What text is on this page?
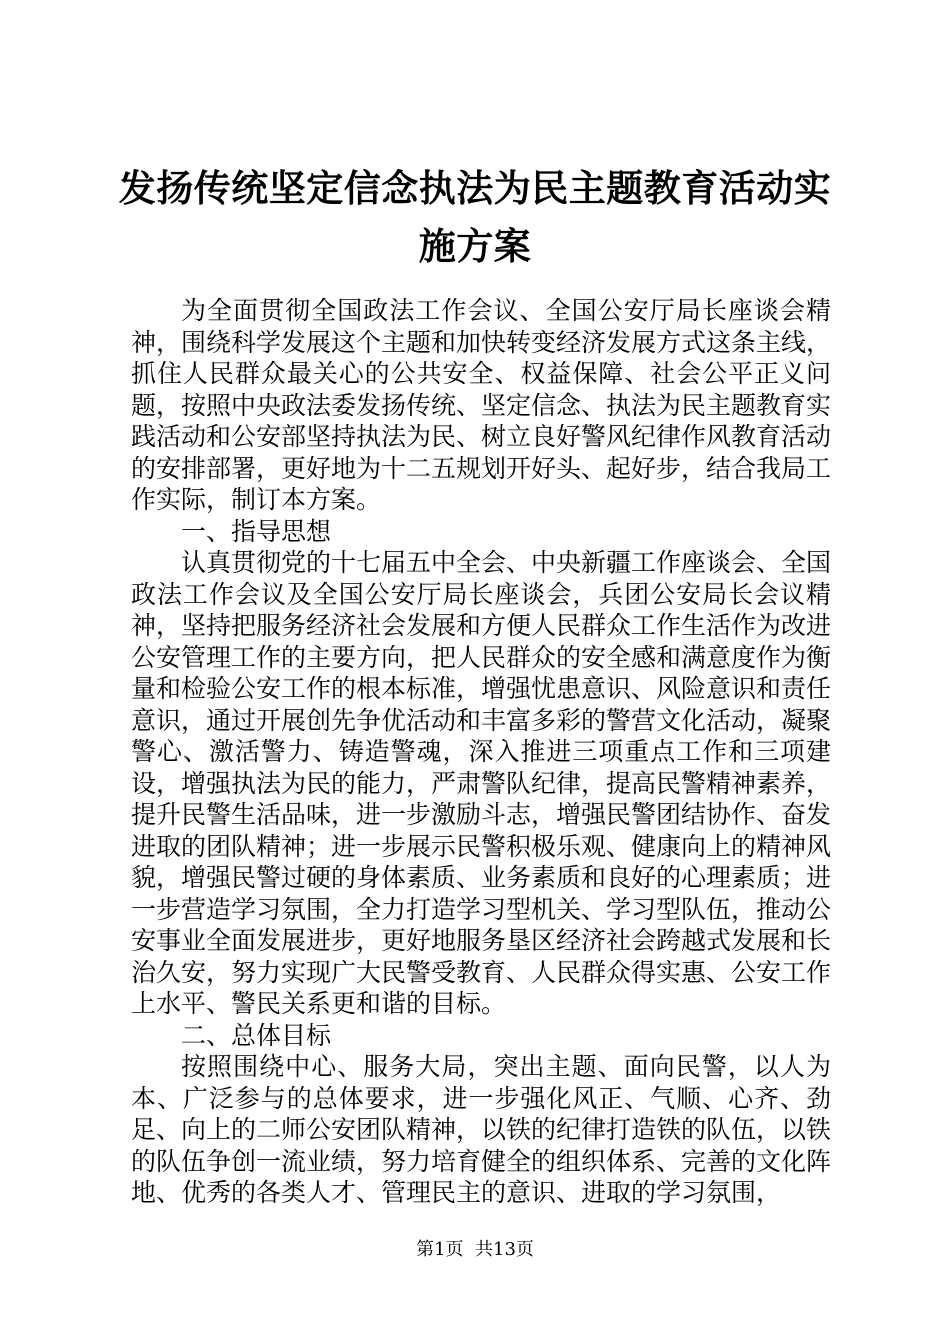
发扬传统坚定信念执法为民主题教育活动实施方案

为全面贯彻全国政法工作会议、全国公安厅局长座谈会精神，围绕科学发展这个主题和加快转变经济发展方式这条主线，抓住人民群众最关心的公共安全、权益保障、社会公平正义问题，按照中央政法委发扬传统、坚定信念、执法为民主题教育实践活动和公安部坚持执法为民、树立良好警风纪律作风教育活动的安排部署，更好地为十二五规划开好头、起好步，结合我局工作实际，制订本方案。

一、指导思想

认真贯彻党的十七届五中全会、中央新疆工作座谈会、全国政法工作会议及全国公安厅局长座谈会，兵团公安局长会议精神，坚持把服务经济社会发展和方便人民群众工作生活作为改进公安管理工作的主要方向，把人民群众的安全感和满意度作为衡量和检验公安工作的根本标准，增强忧患意识、风险意识和责任意识，通过开展创先争优活动和丰富多彩的警营文化活动，凝聚警心、激活警力、铸造警魂，深入推进三项重点工作和三项建设，增强执法为民的能力，严肃警队纪律，提高民警精神素养，提升民警生活品味，进一步激励斗志，增强民警团结协作、奋发进取的团队精神；进一步展示民警积极乐观、健康向上的精神风貌，增强民警过硬的身体素质、业务素质和良好的心理素质；进一步营造学习氛围，全力打造学习型机关、学习型队伍，推动公安事业全面发展进步，更好地服务垦区经济社会跨越式发展和长治久安，努力实现广大民警受教育、人民群众得实惠、公安工作上水平、警民关系更和谐的目标。

二、总体目标

按照围绕中心、服务大局，突出主题、面向民警，以人为本、广泛参与的总体要求，进一步强化风正、气顺、心齐、劲足、向上的二师公安团队精神，以铁的纪律打造铁的队伍，以铁的队伍争创一流业绩，努力培育健全的组织体系、完善的文化阵地、优秀的各类人才、管理民主的意识、进取的学习氛围，

第1页 共13页
